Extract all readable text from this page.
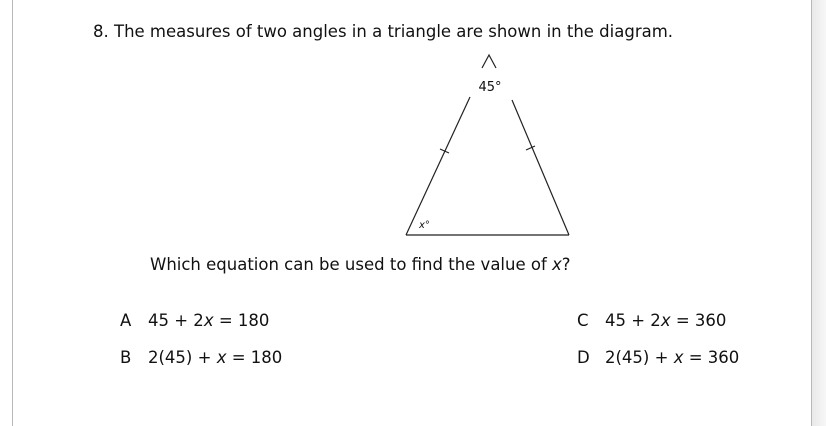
8. The measures of two angles in a triangle are shown in the diagram.
45°
x°
Which equation can be used to find the value of x?
A 45 + 2x = 180
B 2(45) + x = 180
C 45 + 2x = 360
D 2(45) + x = 360
